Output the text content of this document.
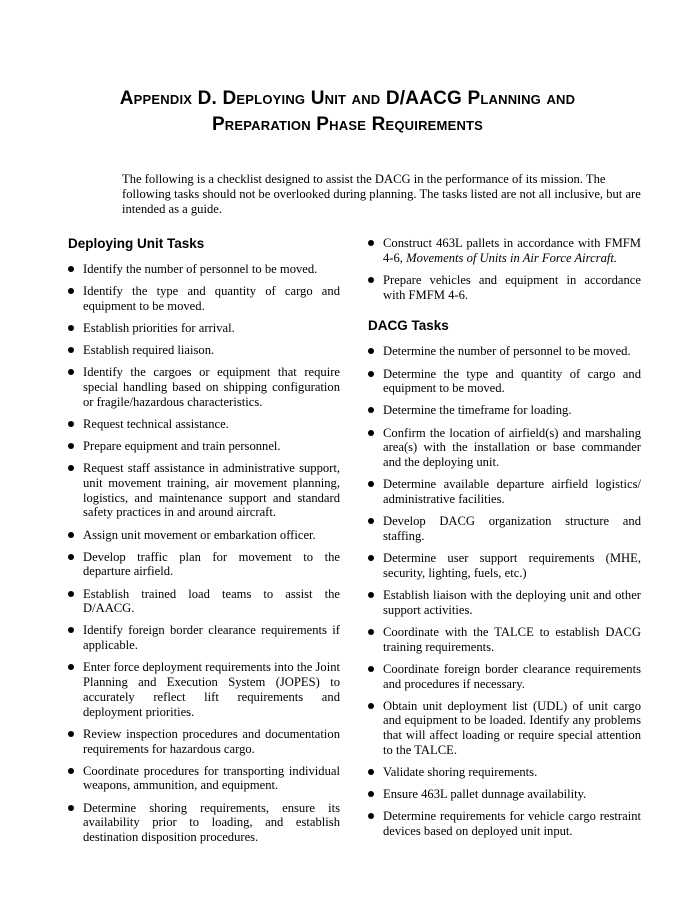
Appendix D. Deploying Unit and D/AACG Planning and
Preparation Phase Requirements
The following is a checklist designed to assist the DACG in the performance of its mission. The following tasks should not be overlooked during planning. The tasks listed are not all inclusive, but are intended as a guide.
Deploying Unit Tasks
Identify the number of personnel to be moved.
Identify the type and quantity of cargo and equipment to be moved.
Establish priorities for arrival.
Establish required liaison.
Identify the cargoes or equipment that require special handling based on shipping configuration or fragile/hazardous characteristics.
Request technical assistance.
Prepare equipment and train personnel.
Request staff assistance in administrative support, unit movement training, air movement planning, logistics, and maintenance support and standard safety practices in and around aircraft.
Assign unit movement or embarkation officer.
Develop traffic plan for movement to the departure airfield.
Establish trained load teams to assist the D/AACG.
Identify foreign border clearance requirements if applicable.
Enter force deployment requirements into the Joint Planning and Execution System (JOPES) to accurately reflect lift requirements and deployment priorities.
Review inspection procedures and documentation requirements for hazardous cargo.
Coordinate procedures for transporting individual weapons, ammunition, and equipment.
Determine shoring requirements, ensure its availability prior to loading, and establish destination disposition procedures.
Construct 463L pallets in accordance with FMFM 4-6, Movements of Units in Air Force Aircraft.
Prepare vehicles and equipment in accordance with FMFM 4-6.
DACG Tasks
Determine the number of personnel to be moved.
Determine the type and quantity of cargo and equipment to be moved.
Determine the timeframe for loading.
Confirm the location of airfield(s) and marshaling area(s) with the installation or base commander and the deploying unit.
Determine available departure airfield logistics/ administrative facilities.
Develop DACG organization structure and staffing.
Determine user support requirements (MHE, security, lighting, fuels, etc.)
Establish liaison with the deploying unit and other support activities.
Coordinate with the TALCE to establish DACG training requirements.
Coordinate foreign border clearance requirements and procedures if necessary.
Obtain unit deployment list (UDL) of unit cargo and equipment to be loaded. Identify any problems that will affect loading or require special attention to the TALCE.
Validate shoring requirements.
Ensure 463L pallet dunnage availability.
Determine requirements for vehicle cargo restraint devices based on deployed unit input.
